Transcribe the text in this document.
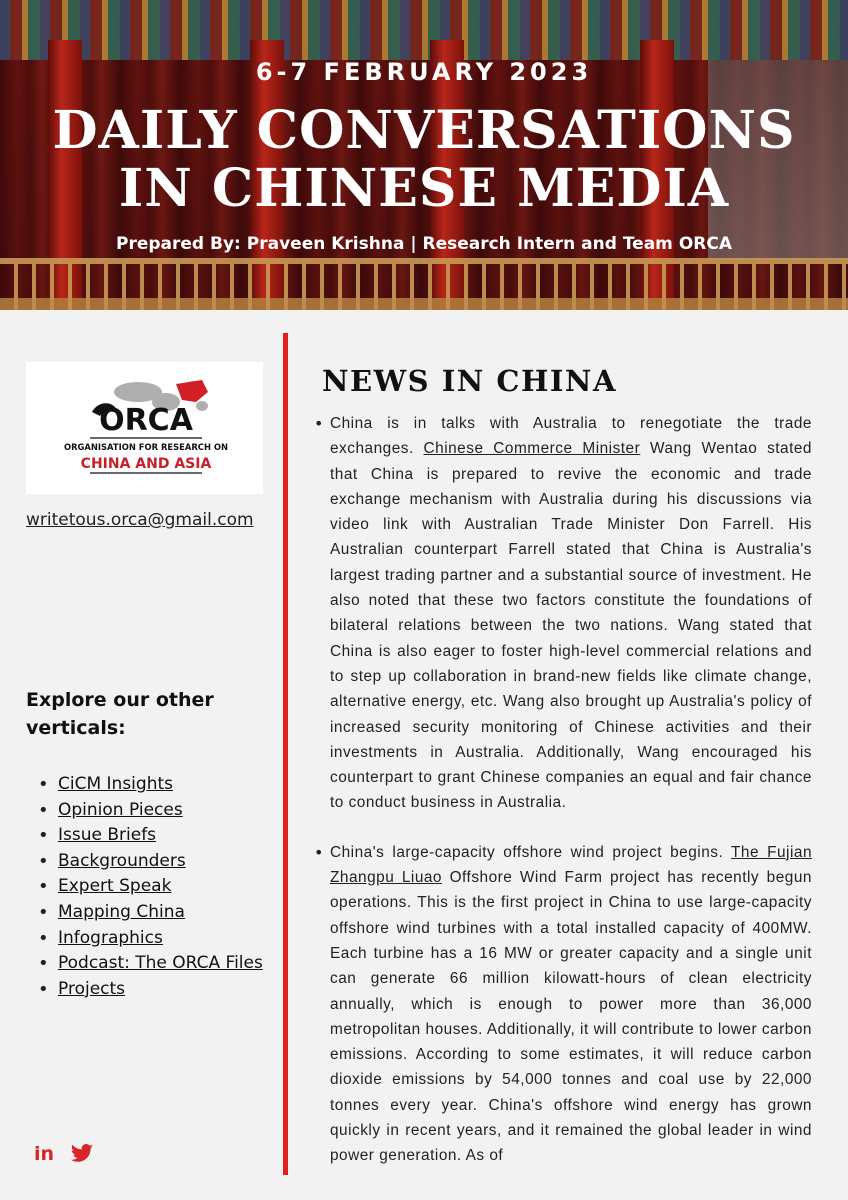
6-7 FEBRUARY 2023
DAILY CONVERSATIONS
IN CHINESE MEDIA
Prepared By: Praveen Krishna | Research Intern and Team ORCA
ORCA
ORGANISATION FOR RESEARCH ON
CHINA AND ASIA
writetous.orca@gmail.com
Explore our other verticals:
• CiCM Insights
• Opinion Pieces
• Issue Briefs
• Backgrounders
• Expert Speak
• Mapping China
• Infographics
• Podcast: The ORCA Files
• Projects
in
NEWS IN CHINA

• China is in talks with Australia to renegotiate the trade exchanges. Chinese Commerce Minister Wang Wentao stated that China is prepared to revive the economic and trade exchange mechanism with Australia during his discussions via video link with Australian Trade Minister Don Farrell. His Australian counterpart Farrell stated that China is Australia's largest trading partner and a substantial source of investment. He also noted that these two factors constitute the foundations of bilateral relations between the two nations. Wang stated that China is also eager to foster high-level commercial relations and to step up collaboration in brand-new fields like climate change, alternative energy, etc. Wang also brought up Australia's policy of increased security monitoring of Chinese activities and their investments in Australia. Additionally, Wang encouraged his counterpart to grant Chinese companies an equal and fair chance to conduct business in Australia.

• China's large-capacity offshore wind project begins. The Fujian Zhangpu Liuao Offshore Wind Farm project has recently begun operations. This is the first project in China to use large-capacity offshore wind turbines with a total installed capacity of 400MW. Each turbine has a 16 MW or greater capacity and a single unit can generate 66 million kilowatt-hours of clean electricity annually, which is enough to power more than 36,000 metropolitan houses. Additionally, it will contribute to lower carbon emissions. According to some estimates, it will reduce carbon dioxide emissions by 54,000 tonnes and coal use by 22,000 tonnes every year. China's offshore wind energy has grown quickly in recent years, and it remained the global leader in wind power generation. As of
